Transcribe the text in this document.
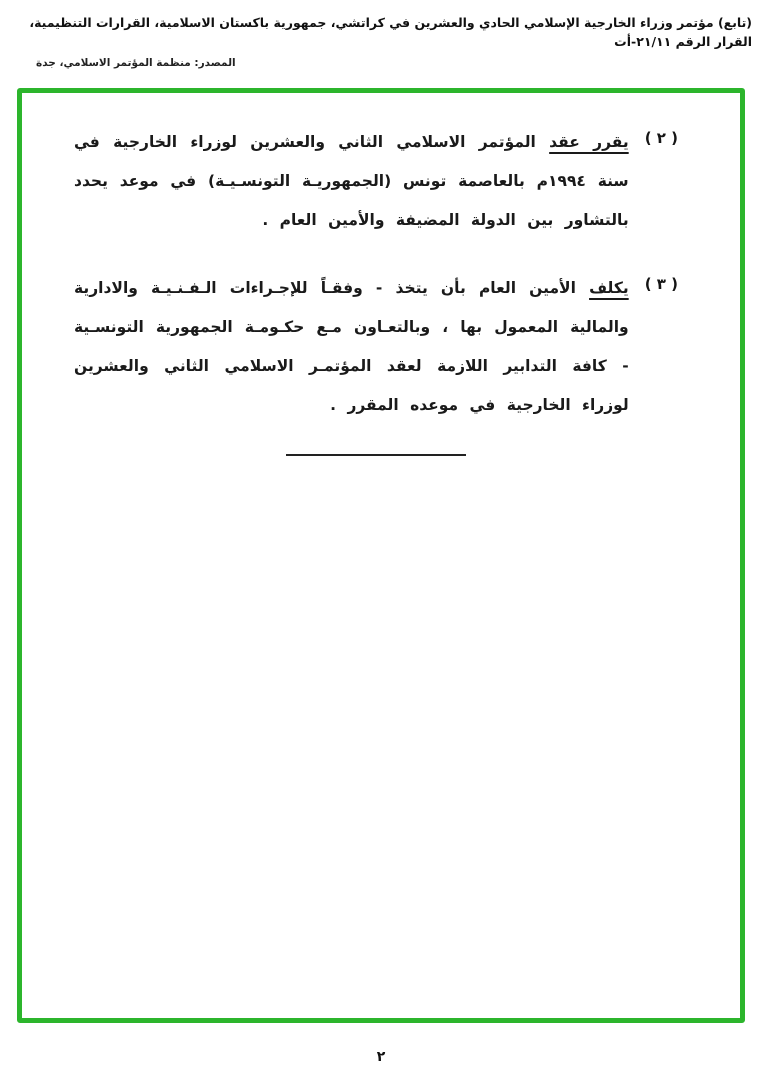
(تابع) مؤتمر وزراء الخارجية الإسلامي الحادي والعشرين في كراتشي، جمهورية باكستان الاسلامية، القرارات التنظيمية، القرار الرقم ٢١/١١-أت
المصدر: منظمة المؤتمر الاسلامي، جدة
( ٢ )

يقرر عقد المؤتمر الاسلامي الثاني والعشرين لوزراء الخارجية في سنة ١٩٩٤م بالعاصمة تونس (الجمهوريـة التونسـيـة) في موعد يحدد بالتشاور بين الدولة المضيفة والأمين العام .

( ٣ )

يكلف الأمين العام بأن يتخذ - وفقـاً للإجـراءات الـفـنـيـة والادارية والمالية المعمول بها ، وبالتعـاون مـع حكـومـة الجمهورية التونسـية - كافة التدابير اللازمة لعقد المؤتمـر الاسلامي الثاني والعشرين لوزراء الخارجية في موعده المقرر .

٢
